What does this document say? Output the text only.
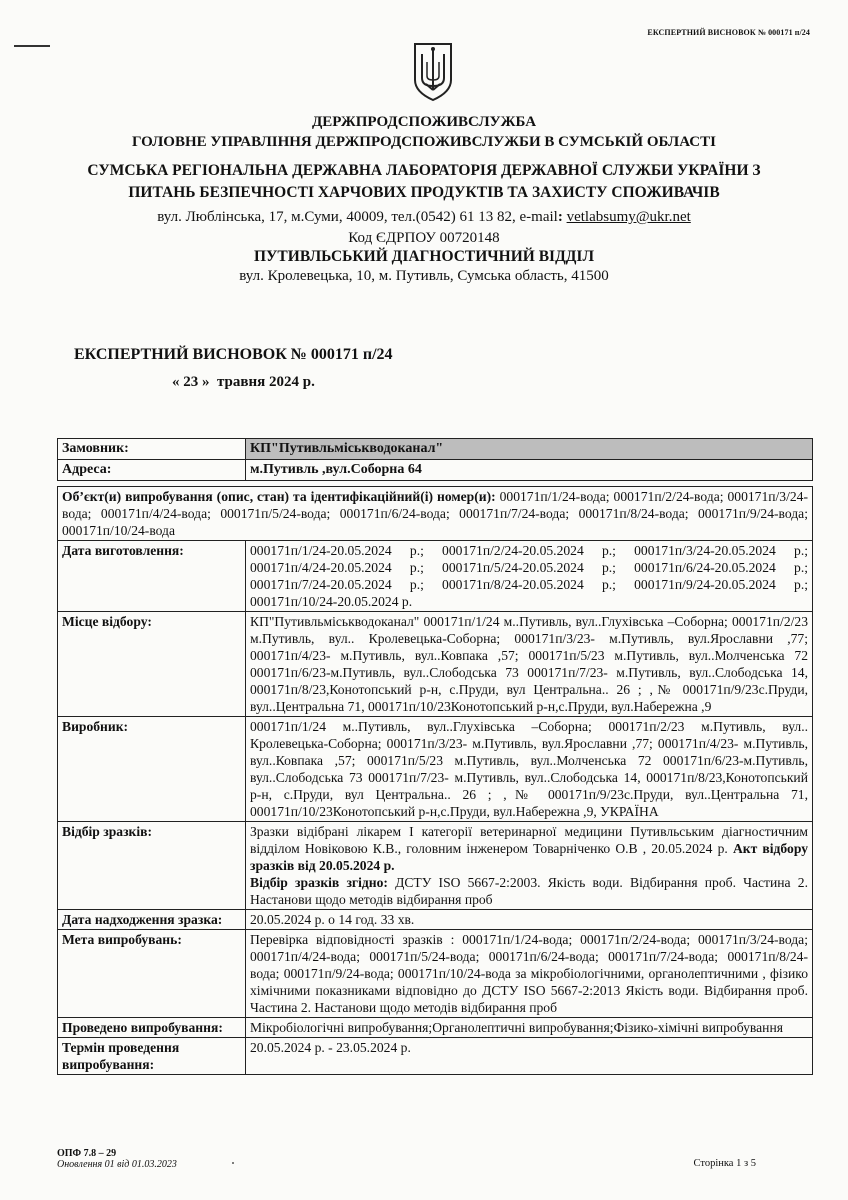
ЕКСПЕРТНИЙ ВИСНОВОК № 000171 п/24
ДЕРЖПРОДСПОЖИВСЛУЖБА
ГОЛОВНЕ УПРАВЛІННЯ ДЕРЖПРОДСПОЖИВСЛУЖБИ В СУМСЬКІЙ ОБЛАСТІ
СУМСЬКА РЕГІОНАЛЬНА ДЕРЖАВНА ЛАБОРАТОРІЯ ДЕРЖАВНОЇ СЛУЖБИ УКРАЇНИ З
ПИТАНЬ БЕЗПЕЧНОСТІ ХАРЧОВИХ ПРОДУКТІВ ТА ЗАХИСТУ СПОЖИВАЧІВ
вул. Люблінська, 17, м.Суми, 40009, тел.(0542) 61 13 82, e-mail: vetlabsumy@ukr.net
Код ЄДРПОУ 00720148
ПУТИВЛЬСЬКИЙ ДІАГНОСТИЧНИЙ ВІДДІЛ
вул. Кролевецька, 10, м. Путивль, Сумська область, 41500
ЕКСПЕРТНИЙ ВИСНОВОК № 000171 п/24
« 23 »  травня 2024 р.
Замовник:	КП"Путивльміськводоканал"
Адреса:	м.Путивль ,вул.Соборна 64
Об’єкт(и) випробування (опис, стан) та ідентифікаційний(і) номер(и): 000171п/1/24-вода; 000171п/2/24-вода; 000171п/3/24-вода; 000171п/4/24-вода; 000171п/5/24-вода; 000171п/6/24-вода; 000171п/7/24-вода; 000171п/8/24-вода; 000171п/9/24-вода; 000171п/10/24-вода	
Дата виготовлення:	000171п/1/24-20.05.2024 р.; 000171п/2/24-20.05.2024 р.; 000171п/3/24-20.05.2024 р.; 000171п/4/24-20.05.2024 р.; 000171п/5/24-20.05.2024 р.; 000171п/6/24-20.05.2024 р.; 000171п/7/24-20.05.2024 р.; 000171п/8/24-20.05.2024 р.; 000171п/9/24-20.05.2024 р.; 000171п/10/24-20.05.2024 р.
Місце відбору:	КП"Путивльміськводоканал" 000171п/1/24 м..Путивль, вул..Глухівська –Соборна; 000171п/2/23 м.Путивль, вул.. Кролевецька-Соборна; 000171п/3/23- м.Путивль, вул.Ярославни ,77; 000171п/4/23- м.Путивль, вул..Ковпака ,57; 000171п/5/23 м.Путивль, вул..Молченська 72 000171п/6/23-м.Путивль, вул..Слободська 73 000171п/7/23- м.Путивль, вул..Слободська 14, 000171п/8/23,Конотопський р-н, с.Пруди, вул Центральна.. 26 ; ,№ 000171п/9/23с.Пруди, вул..Центральна 71, 000171п/10/23Конотопський р-н,с.Пруди, вул.Набережна ,9
Виробник:	000171п/1/24 м..Путивль, вул..Глухівська –Соборна; 000171п/2/23 м.Путивль, вул.. Кролевецька-Соборна; 000171п/3/23- м.Путивль, вул.Ярославни ,77; 000171п/4/23- м.Путивль, вул..Ковпака ,57; 000171п/5/23 м.Путивль, вул..Молченська 72 000171п/6/23-м.Путивль, вул..Слободська 73 000171п/7/23- м.Путивль, вул..Слободська 14, 000171п/8/23,Конотопський р-н, с.Пруди, вул Центральна.. 26 ; ,№ 000171п/9/23с.Пруди, вул..Центральна 71, 000171п/10/23Конотопський р-н,с.Пруди, вул.Набережна ,9, УКРАЇНА
Відбір зразків:	Зразки відібрані лікарем І категорії ветеринарної медицини Путивльським діагностичним відділом Новіковою К.В., головним інженером Товарніченко О.В , 20.05.2024 р. Акт відбору зразків від 20.05.2024 р.
Відбір зразків згідно: ДСТУ ISO 5667-2:2003. Якість води. Відбирання проб. Частина 2. Настанови щодо методів відбирання проб
Дата надходження зразка:	20.05.2024 р. о 14 год. 33 хв.
Мета випробувань:	Перевірка відповідності зразків : 000171п/1/24-вода; 000171п/2/24-вода; 000171п/3/24-вода; 000171п/4/24-вода; 000171п/5/24-вода; 000171п/6/24-вода; 000171п/7/24-вода; 000171п/8/24-вода; 000171п/9/24-вода; 000171п/10/24-вода за мікробіологічними, органолептичними , фізико хімічними показниками відповідно до ДСТУ ISO 5667-2:2013 Якість води. Відбирання проб. Частина 2. Настанови щодо методів відбирання проб
Проведено випробування:	Мікробіологічні випробування;Органолептичні випробування;Фізико-хімічні випробування
Термін проведення випробування:	20.05.2024 р. - 23.05.2024 р.
ОПФ 7.8 – 29
Оновлення 01 від 01.03.2023	Сторінка 1 з 5
